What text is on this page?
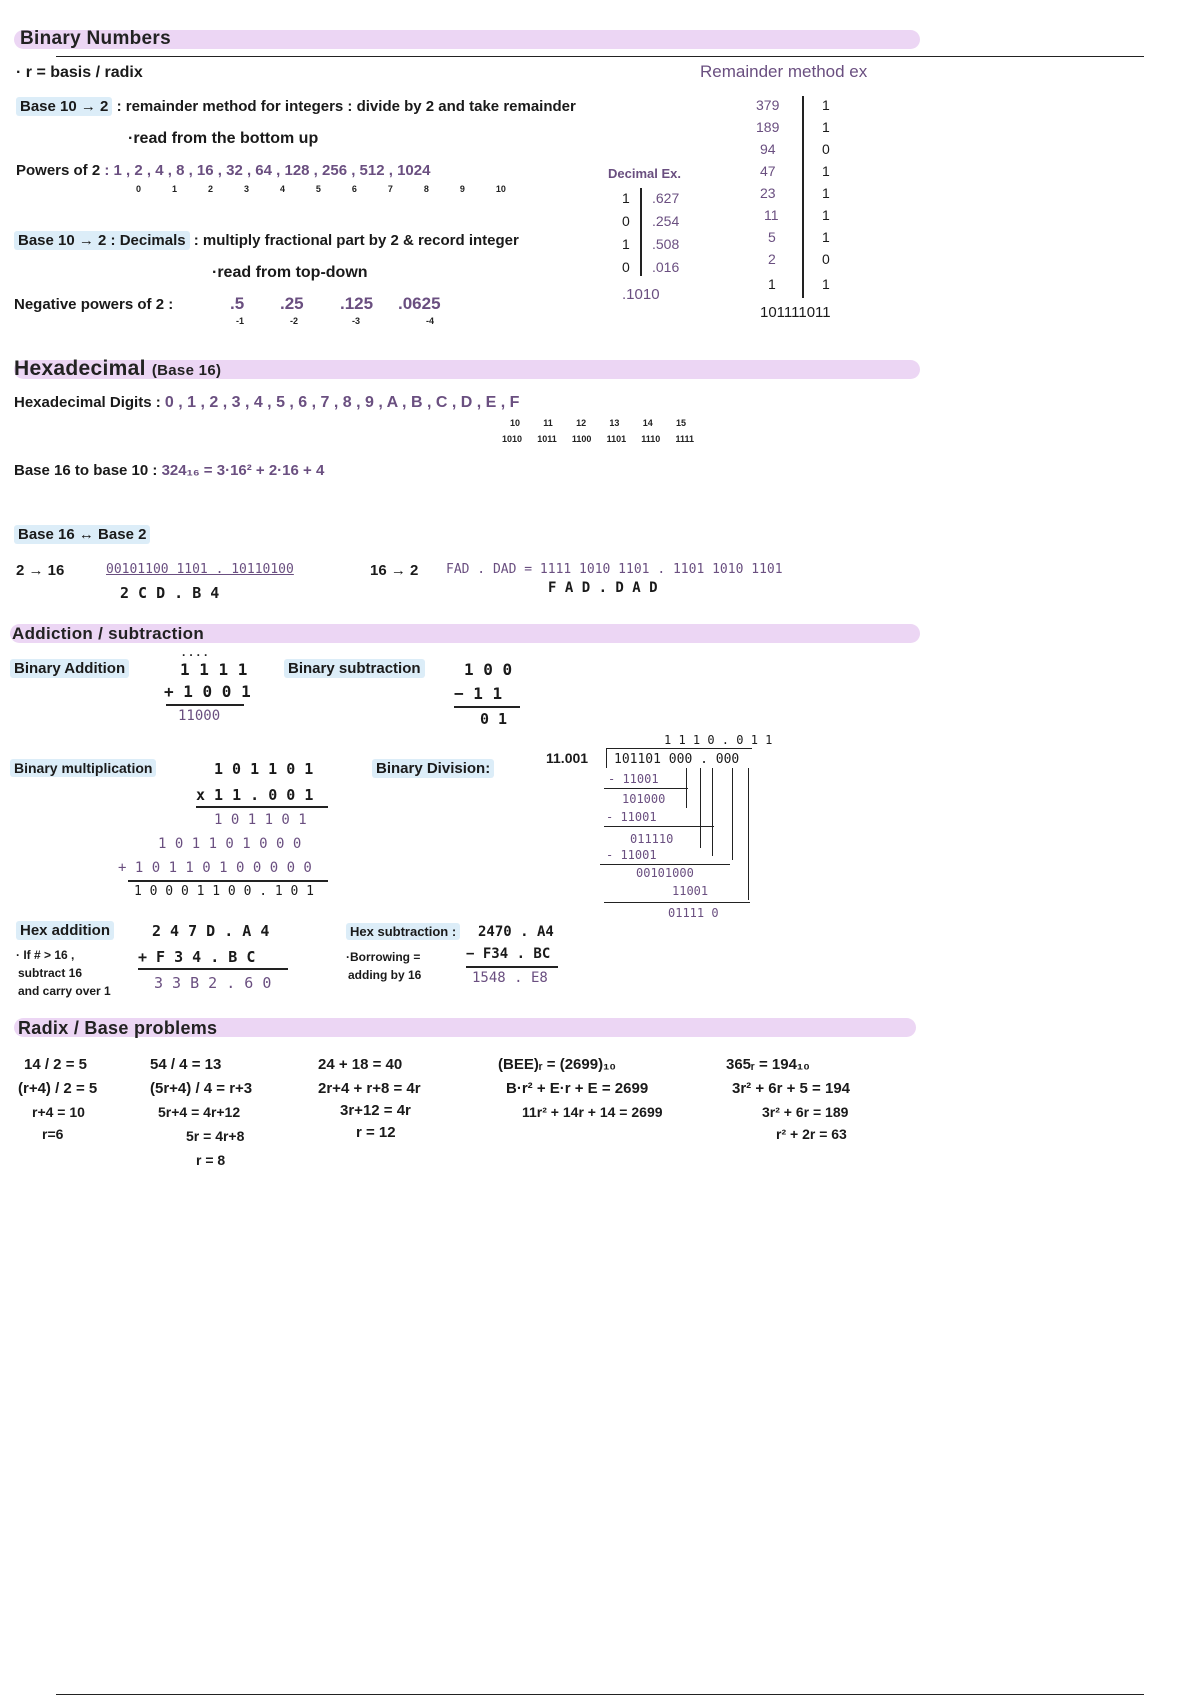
Binary Numbers
· r = basis / radix	Remainder method ex
Base 10 → 2 : remainder method for integers : divide by 2 and take remainder
·read from the bottom up
Powers of 2 : 1 , 2 , 4 , 8 , 16 , 32 , 64 , 128 , 256 , 512 , 1024
0	1	2	3	4	5	6	7	8	9	10
Base 10 → 2 : Decimals : multiply fractional part by 2 & record integer
·read from top-down
Negative powers of 2 :	.5 .25 .125 .0625
-1	-2	-3	-4
Decimal Ex.
1 .627
0 .254
1 .508
0 .016
.1010
379	1
189	1
94	0
47	1
23	1
11	1
5	1
2	0
1	1
101111011
Hexadecimal (Base 16)
Hexadecimal Digits : 0 , 1 , 2 , 3 , 4 , 5 , 6 , 7 , 8 , 9 , A , B , C , D , E , F
10	11	12	13	14	15
1010 1011 1100 1101 1110 1111
Base 16 to base 10 : 324₁₆ = 3·16² + 2·16 + 4
Base 16 ↔ Base 2
2 → 16	00101100 1101 . 10110100
2 C D . B 4
16 → 2 FAD . DAD = 1111 1010 1101 . 1101 1010 1101
F A D . D A D
Addiction / subtraction
Binary Addition
· · · ·
1 1 1 1
+ 1 0 0 1
11000
Binary subtraction	1 0 0
− 1 1
0 1
Binary multiplication	1 0 1 1 0 1
x 1 1 . 0 0 1
1 0 1 1 0 1
1 0 1 1 0 1 0 0 0
+ 1 0 1 1 0 1 0 0 0 0 0
1 0 0 0 1 1 0 0 . 1 0 1
Binary Division:
1 1 1 0 . 0 1 1
11.001 101101 000 . 000
- 11001
101000
- 11001
011110
- 11001
00101000
11001
01111 0
Hex addition
· If # > 16 ,
subtract 16
and carry over 1
2 4 7 D . A 4
+ F 3 4 . B C
3 3 B 2 . 6 0
Hex subtraction :
·Borrowing =
adding by 16
2470 . A4
− F34 . BC
1548 . E8
Radix / Base problems
14 / 2 = 5
(r+4) / 2 = 5
r+4 = 10
r=6
54 / 4 = 13
(5r+4) / 4 = r+3
5r+4 = 4r+12
5r = 4r+8
r = 8
24 + 18 = 40
2r+4 + r+8 = 4r
3r+12 = 4r
r = 12
(BEE)ᵣ = (2699)₁₀
B·r² + E·r + E = 2699
11r² + 14r + 14 = 2699
365ᵣ = 194₁₀
3r² + 6r + 5 = 194
3r² + 6r = 189
r² + 2r = 63
